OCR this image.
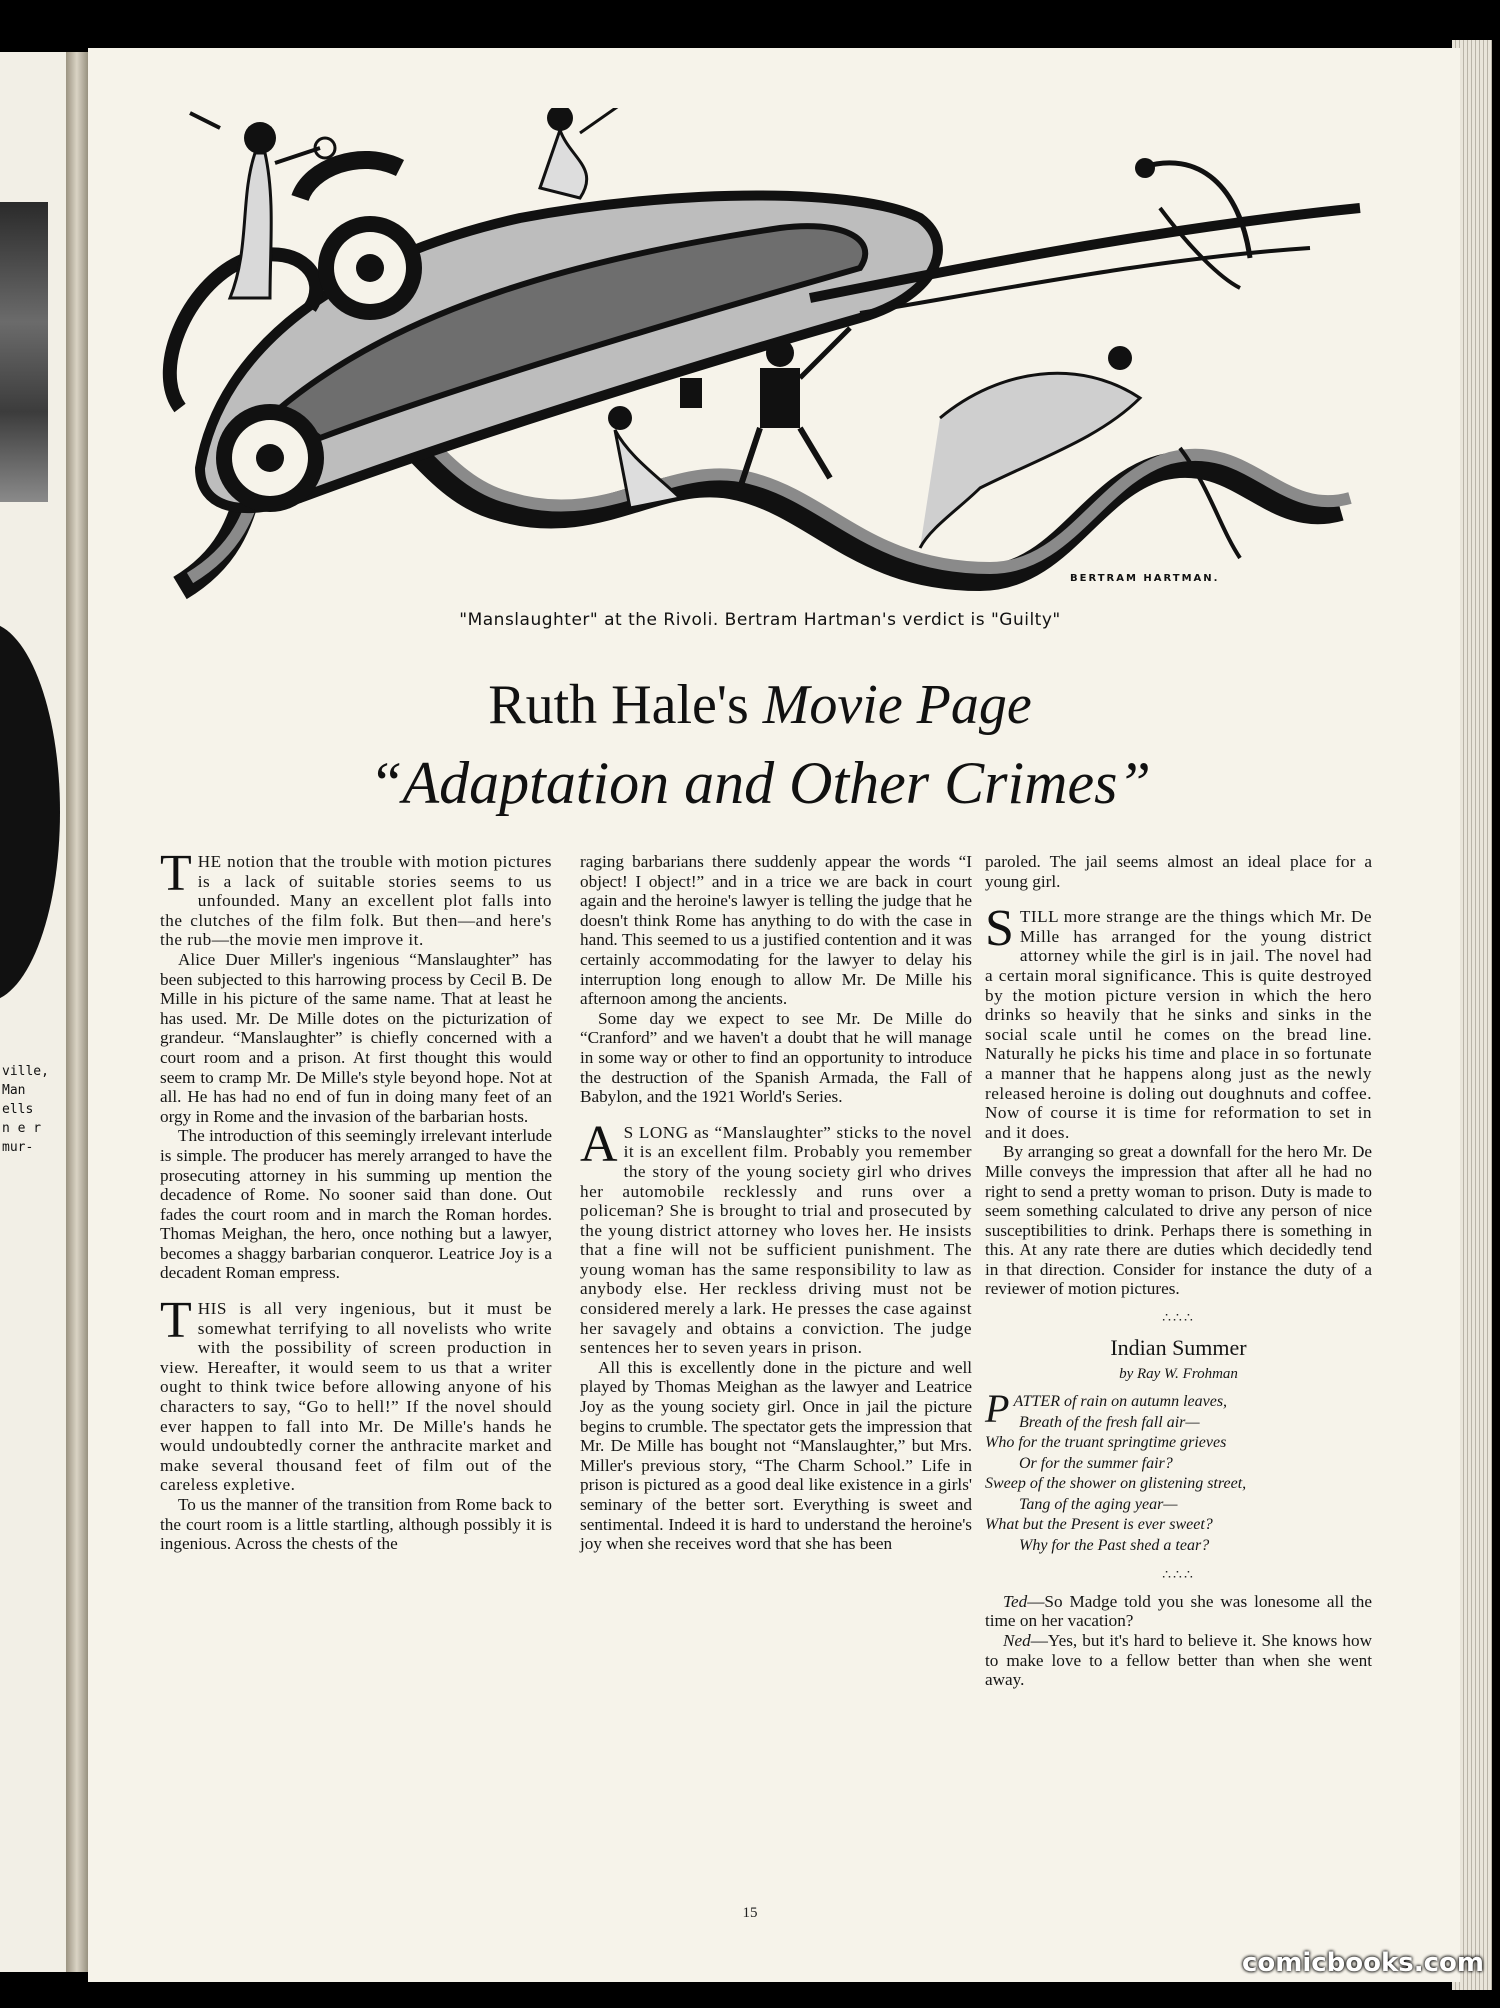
ville,
Man
ells
n e r
mur-
BERTRAM HARTMAN.
"Manslaughter" at the Rivoli. Bertram Hartman's verdict is "Guilty"
Ruth Hale's Movie Page
“Adaptation and Other Crimes”

THE notion that the trouble with motion pictures is a lack of suitable stories seems to us unfounded. Many an excellent plot falls into the clutches of the film folk. But then—and here's the rub—the movie men improve it.

Alice Duer Miller's ingenious “Manslaughter” has been subjected to this harrowing process by Cecil B. De Mille in his picture of the same name. That at least he has used. Mr. De Mille dotes on the picturization of grandeur. “Manslaughter” is chiefly concerned with a court room and a prison. At first thought this would seem to cramp Mr. De Mille's style beyond hope. Not at all. He has had no end of fun in doing many feet of an orgy in Rome and the invasion of the barbarian hosts.

The introduction of this seemingly irrelevant interlude is simple. The producer has merely arranged to have the prosecuting attorney in his summing up mention the decadence of Rome. No sooner said than done. Out fades the court room and in march the Roman hordes. Thomas Meighan, the hero, once nothing but a lawyer, becomes a shaggy barbarian conqueror. Leatrice Joy is a decadent Roman empress.

THIS is all very ingenious, but it must be somewhat terrifying to all novelists who write with the possibility of screen production in view. Hereafter, it would seem to us that a writer ought to think twice before allowing anyone of his characters to say, “Go to hell!” If the novel should ever happen to fall into Mr. De Mille's hands he would undoubtedly corner the anthracite market and make several thousand feet of film out of the careless expletive.

To us the manner of the transition from Rome back to the court room is a little startling, although possibly it is ingenious. Across the chests of the

raging barbarians there suddenly appear the words “I object! I object!” and in a trice we are back in court again and the heroine's lawyer is telling the judge that he doesn't think Rome has anything to do with the case in hand. This seemed to us a justified contention and it was certainly accommodating for the lawyer to delay his interruption long enough to allow Mr. De Mille his afternoon among the ancients.

Some day we expect to see Mr. De Mille do “Cranford” and we haven't a doubt that he will manage in some way or other to find an opportunity to introduce the destruction of the Spanish Armada, the Fall of Babylon, and the 1921 World's Series.

A S LONG as “Manslaughter” sticks to the novel it is an excellent film. Probably you remember the story of the young society girl who drives her automobile recklessly and runs over a policeman? She is brought to trial and prosecuted by the young district attorney who loves her. He insists that a fine will not be sufficient punishment. The young woman has the same responsibility to law as anybody else. Her reckless driving must not be considered merely a lark. He presses the case against her savagely and obtains a conviction. The judge sentences her to seven years in prison.

All this is excellently done in the picture and well played by Thomas Meighan as the lawyer and Leatrice Joy as the young society girl. Once in jail the picture begins to crumble. The spectator gets the impression that Mr. De Mille has bought not “Manslaughter,” but Mrs. Miller's previous story, “The Charm School.” Life in prison is pictured as a good deal like existence in a girls' seminary of the better sort. Everything is sweet and sentimental. Indeed it is hard to understand the heroine's joy when she receives word that she has been

paroled. The jail seems almost an ideal place for a young girl.

STILL more strange are the things which Mr. De Mille has arranged for the young district attorney while the girl is in jail. The novel had a certain moral significance. This is quite destroyed by the motion picture version in which the hero drinks so heavily that he sinks and sinks in the social scale until he comes on the bread line. Naturally he picks his time and place in so fortunate a manner that he happens along just as the newly released heroine is doling out doughnuts and coffee. Now of course it is time for reformation to set in and it does.

By arranging so great a downfall for the hero Mr. De Mille conveys the impression that after all he had no right to send a pretty woman to prison. Duty is made to seem something calculated to drive any person of nice susceptibilities to drink. Perhaps there is something in this. At any rate there are duties which decidedly tend in that direction. Consider for instance the duty of a reviewer of motion pictures.

∴∴∴
Indian Summer
by Ray W. Frohman
P ATTER of rain on autumn leaves,
Breath of the fresh fall air—
Who for the truant springtime grieves
Or for the summer fair?
Sweep of the shower on glistening street,
Tang of the aging year—
What but the Present is ever sweet?
Why for the Past shed a tear?
∴∴∴

Ted—So Madge told you she was lonesome all the time on her vacation?

Ned—Yes, but it's hard to believe it. She knows how to make love to a fellow better than when she went away.

15
comicbooks.com
